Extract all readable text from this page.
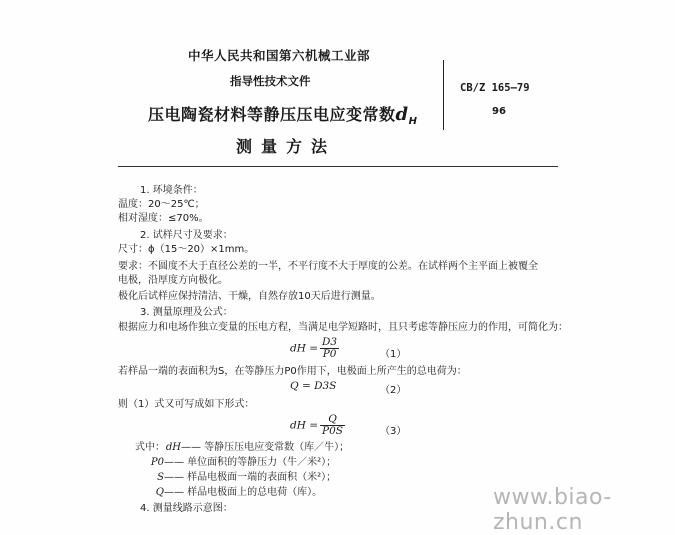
中华人民共和国第六机械工业部
指导性技术文件
压电陶瓷材料等静压压电应变常数$d_H$
测量方法
CB/Z 165—79
96
1. 环境条件：
温度：20～25℃；
相对湿度：≤70%。
2. 试样尺寸及要求：
尺寸：ϕ（15～20）×1mm。
要求：不圆度不大于直径公差的一半，不平行度不大于厚度的公差。在试样两个主平面上被覆全
电极，沿厚度方向极化。
极化后试样应保持清洁、干燥，自然存放10天后进行测量。
3. 测量原理及公式：
根据应力和电场作独立变量的压电方程，当满足电学短路时，且只考虑等静压应力的作用，可简化为：
dH = $\frac{D3}{P0}$	（1）
若样品一端的表面积为S，在等静压力P0作用下，电极面上所产生的总电荷为：
Q = D3S	（2）
则（1）式又可写成如下形式：
dH = $\frac{Q}{P0S}$	（3）
式中：dH—— 等静压压电应变常数（库／牛）；
P0—— 单位面积的等静压力（牛／米²）；
S—— 样品电极面一端的表面积（米²）；
Q—— 样品电极面上的总电荷（库）。
4. 测量线路示意图：	www.biao-zhun.cn
